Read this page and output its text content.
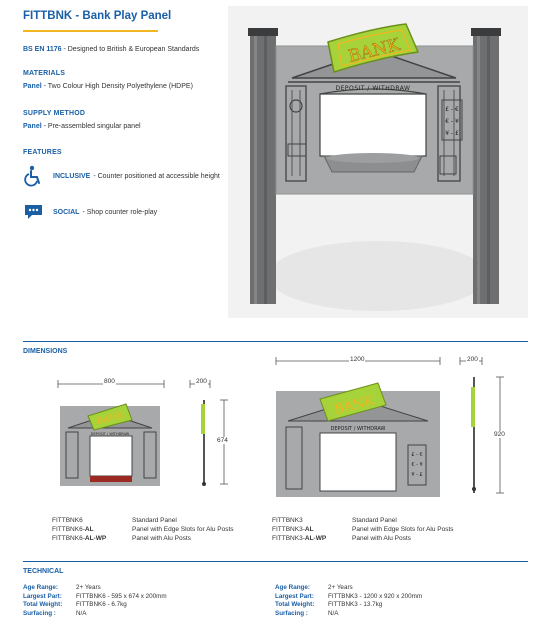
FITTBNK - Bank Play Panel
BS EN 1176 - Designed to British & European Standards
MATERIALS
Panel - Two Colour High Density Polyethylene (HDPE)
SUPPLY METHOD
Panel - Pre-assembled singular panel
FEATURES
INCLUSIVE - Counter positioned at accessible height
SOCIAL - Shop counter role-play
DEPOSIT / WITHDRAW
£ - €
€ - ¥
¥ - £
BANK
DIMENSIONS
BANK
DEPOSIT / WITHDRAW
800	200
674
BANK
DEPOSIT / WITHDRAW
£ - €
€ - ¥
¥ - £
1200	200
920
FITTBNK6	Standard Panel
FITTBNK6-AL	Panel with Edge Slots for Alu Posts
FITTBNK6-AL-WP	Panel with Alu Posts
FITTBNK3	Standard Panel
FITTBNK3-AL	Panel with Edge Slots for Alu Posts
FITTBNK3-AL-WP	Panel with Alu Posts
TECHNICAL
Age Range:	2+ Years
Largest Part:	FITTBNK6 - 595 x 674 x 200mm
Total Weight:	FITTBNK6 - 6.7kg
Surfacing :	N/A
Age Range:	2+ Years
Largest Part:	FITTBNK3 - 1200 x 920 x 200mm
Total Weight:	FITTBNK3 - 13.7kg
Surfacing :	N/A
